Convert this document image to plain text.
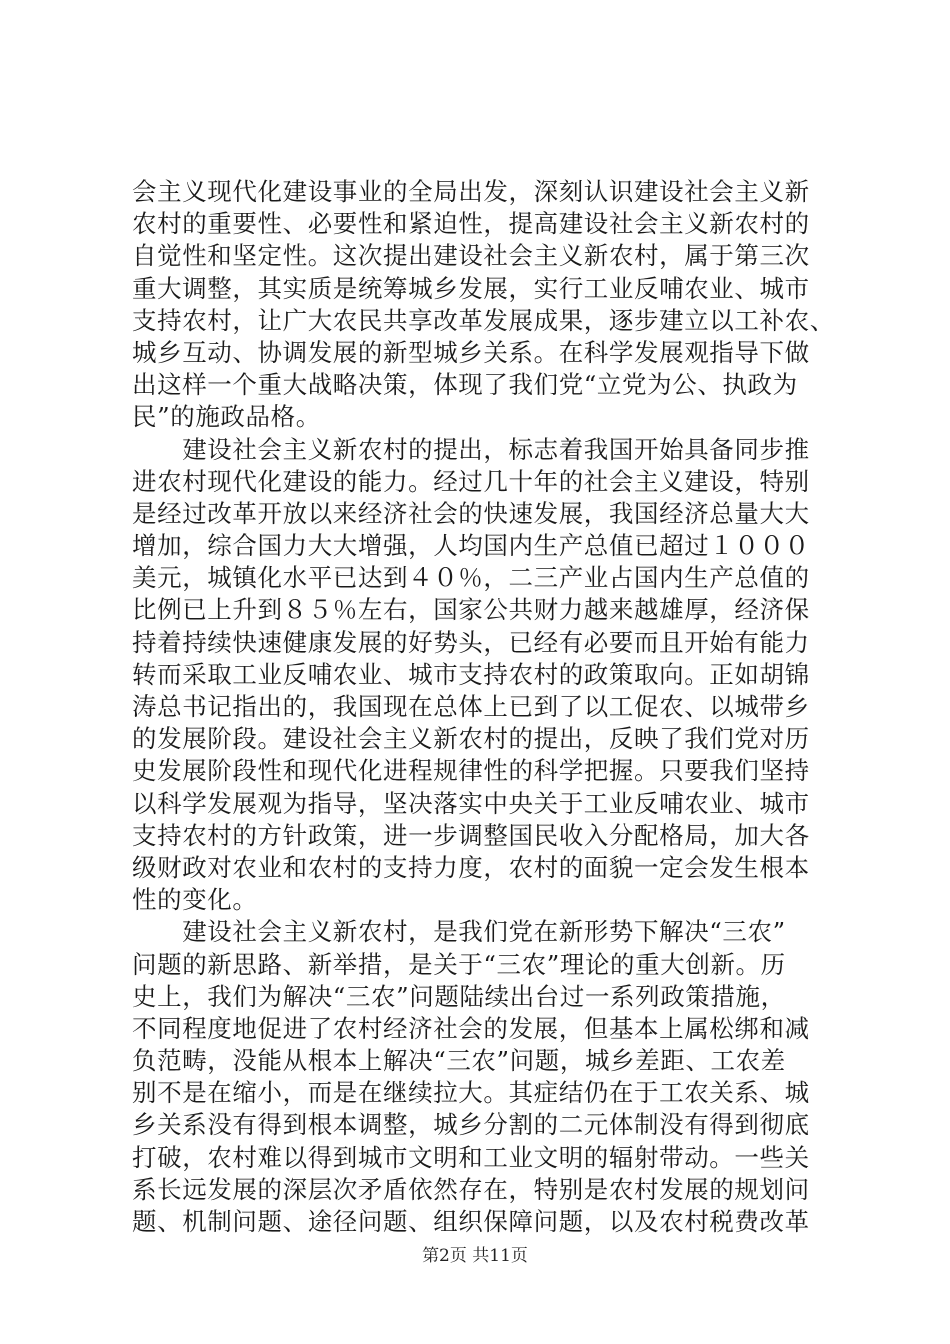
会主义现代化建设事业的全局出发，深刻认识建设社会主义新
农村的重要性、必要性和紧迫性，提高建设社会主义新农村的
自觉性和坚定性。这次提出建设社会主义新农村，属于第三次
重大调整，其实质是统筹城乡发展，实行工业反哺农业、城市
支持农村，让广大农民共享改革发展成果，逐步建立以工补农、
城乡互动、协调发展的新型城乡关系。在科学发展观指导下做
出这样一个重大战略决策，体现了我们党“立党为公、执政为
民”的施政品格。
　　建设社会主义新农村的提出，标志着我国开始具备同步推
进农村现代化建设的能力。经过几十年的社会主义建设，特别
是经过改革开放以来经济社会的快速发展，我国经济总量大大
增加，综合国力大大增强，人均国内生产总值已超过１０００
美元，城镇化水平已达到４０％，二三产业占国内生产总值的
比例已上升到８５％左右，国家公共财力越来越雄厚，经济保
持着持续快速健康发展的好势头，已经有必要而且开始有能力
转而采取工业反哺农业、城市支持农村的政策取向。正如胡锦
涛总书记指出的，我国现在总体上已到了以工促农、以城带乡
的发展阶段。建设社会主义新农村的提出，反映了我们党对历
史发展阶段性和现代化进程规律性的科学把握。只要我们坚持
以科学发展观为指导，坚决落实中央关于工业反哺农业、城市
支持农村的方针政策，进一步调整国民收入分配格局，加大各
级财政对农业和农村的支持力度，农村的面貌一定会发生根本
性的变化。
　　建设社会主义新农村，是我们党在新形势下解决“三农”
问题的新思路、新举措，是关于“三农”理论的重大创新。历
史上，我们为解决“三农”问题陆续出台过一系列政策措施，
不同程度地促进了农村经济社会的发展，但基本上属松绑和减
负范畴，没能从根本上解决“三农”问题，城乡差距、工农差
别不是在缩小，而是在继续拉大。其症结仍在于工农关系、城
乡关系没有得到根本调整，城乡分割的二元体制没有得到彻底
打破，农村难以得到城市文明和工业文明的辐射带动。一些关
系长远发展的深层次矛盾依然存在，特别是农村发展的规划问
题、机制问题、途径问题、组织保障问题，以及农村税费改革
第2页 共11页
